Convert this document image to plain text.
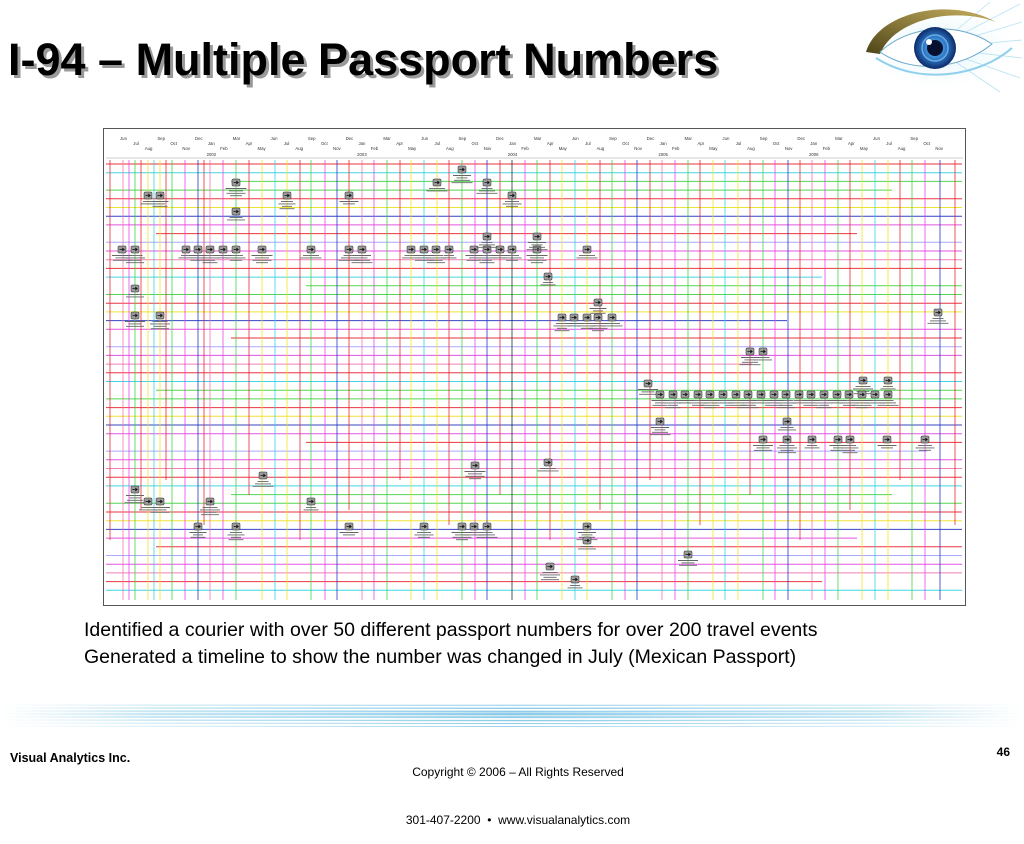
I-94 – Multiple Passport Numbers
Jun
Jul
Aug
Sep
Oct
Nov
Dec
Jan
Feb
Mar
Apr
May
Jun
Jul
Aug
Sep
Oct
Nov
Dec
Jan
Feb
Mar
Apr
May
Jun
Jul
Aug
Sep
Oct
Nov
Dec
Jan
Feb
Mar
Apr
May
Jun
Jul
Aug
Sep
Oct
Nov
Dec
Jan
Feb
Mar
Apr
May
Jun
Jul
Aug
Sep
Oct
Nov
Dec
Jan
Feb
Mar
Apr
May
Jun
Jul
Aug
Sep
Oct
Nov
2002	2003	2004	2005	2006
Identified a courier with over 50 different passport numbers for over 200 travel events
Generated a timeline to show the number was changed in July (Mexican Passport)
Visual Analytics Inc.

Copyright © 2006 – All Rights Reserved

301-407-2200  •  www.visualanalytics.com

46
